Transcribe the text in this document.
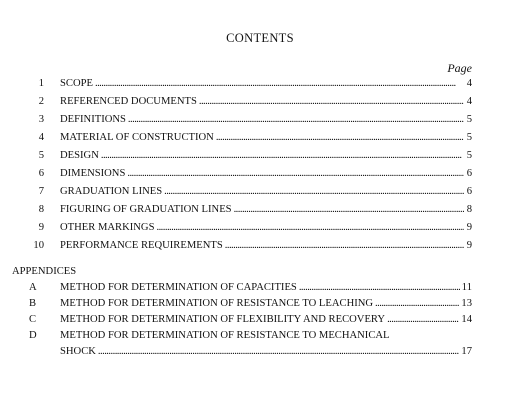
CONTENTS
Page
1 SCOPE . . .	4
2 REFERENCED DOCUMENTS . . .	4
3 DEFINITIONS . . .	5
4 MATERIAL OF CONSTRUCTION . . .	5
5 DESIGN . . .	5
6 DIMENSIONS . . .	6
7 GRADUATION LINES . . .	6
8 FIGURING OF GRADUATION LINES . . .	8
9 OTHER MARKINGS . . .	9
10 PERFORMANCE REQUIREMENTS . . .	9
APPENDICES
A	METHOD FOR DETERMINATION OF CAPACITIES . . .	11
B	METHOD FOR DETERMINATION OF RESISTANCE TO LEACHING . . .	13
C	METHOD FOR DETERMINATION OF FLEXIBILITY AND RECOVERY . . .	14
D	METHOD FOR DETERMINATION OF RESISTANCE TO MECHANICAL
SHOCK . . .	17
